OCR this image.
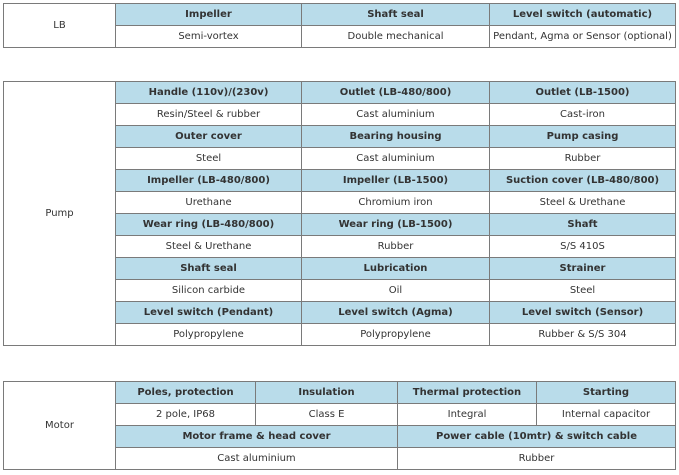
LB	Impeller	Shaft seal	Level switch (automatic)
	Semi-vortex	Double mechanical	Pendant, Agma or Sensor (optional)
Pump	Handle (110v)/(230v)	Outlet (LB-480/800)	Outlet (LB-1500)
	Resin/Steel & rubber	Cast aluminium	Cast-iron
	Outer cover	Bearing housing	Pump casing
	Steel	Cast aluminium	Rubber
	Impeller (LB-480/800)	Impeller (LB-1500)	Suction cover (LB-480/800)
	Urethane	Chromium iron	Steel & Urethane
	Wear ring (LB-480/800)	Wear ring (LB-1500)	Shaft
	Steel & Urethane	Rubber	S/S 410S
	Shaft seal	Lubrication	Strainer
	Silicon carbide	Oil	Steel
	Level switch (Pendant)	Level switch (Agma)	Level switch (Sensor)
	Polypropylene	Polypropylene	Rubber & S/S 304
Motor	Poles, protection	Insulation	Thermal protection	Starting
	2 pole, IP68	Class E	Integral	Internal capacitor
	Motor frame & head cover		Power cable (10mtr) & switch cable	
	Cast aluminium		Rubber	
